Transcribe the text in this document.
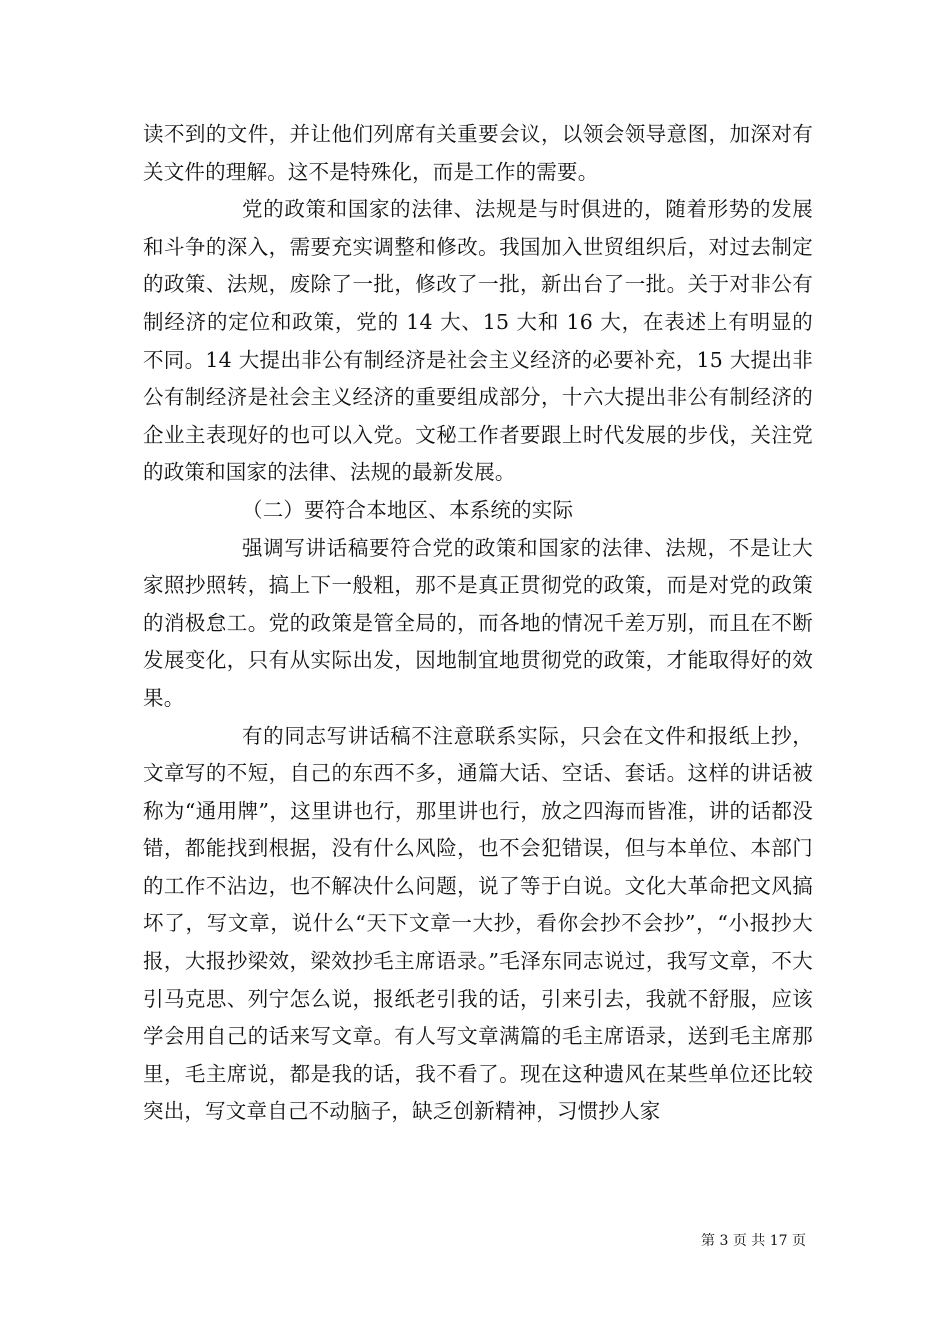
读不到的文件，并让他们列席有关重要会议，以领会领导意图，加深对有关文件的理解。这不是特殊化，而是工作的需要。

党的政策和国家的法律、法规是与时俱进的，随着形势的发展和斗争的深入，需要充实调整和修改。我国加入世贸组织后，对过去制定的政策、法规，废除了一批，修改了一批，新出台了一批。关于对非公有制经济的定位和政策，党的 14 大、15 大和 16 大，在表述上有明显的不同。14 大提出非公有制经济是社会主义经济的必要补充，15 大提出非公有制经济是社会主义经济的重要组成部分，十六大提出非公有制经济的企业主表现好的也可以入党。文秘工作者要跟上时代发展的步伐，关注党的政策和国家的法律、法规的最新发展。

（二）要符合本地区、本系统的实际

强调写讲话稿要符合党的政策和国家的法律、法规，不是让大家照抄照转，搞上下一般粗，那不是真正贯彻党的政策，而是对党的政策的消极怠工。党的政策是管全局的，而各地的情况千差万别，而且在不断发展变化，只有从实际出发，因地制宜地贯彻党的政策，才能取得好的效果。

有的同志写讲话稿不注意联系实际，只会在文件和报纸上抄，文章写的不短，自己的东西不多，通篇大话、空话、套话。这样的讲话被称为“通用牌”，这里讲也行，那里讲也行，放之四海而皆准，讲的话都没错，都能找到根据，没有什么风险，也不会犯错误，但与本单位、本部门的工作不沾边，也不解决什么问题，说了等于白说。文化大革命把文风搞坏了，写文章，说什么“天下文章一大抄，看你会抄不会抄”，“小报抄大报，大报抄梁效，梁效抄毛主席语录。”毛泽东同志说过，我写文章，不大引马克思、列宁怎么说，报纸老引我的话，引来引去，我就不舒服，应该学会用自己的话来写文章。有人写文章满篇的毛主席语录，送到毛主席那里，毛主席说，都是我的话，我不看了。现在这种遗风在某些单位还比较突出，写文章自己不动脑子，缺乏创新精神，习惯抄人家

第 3 页 共 17 页
